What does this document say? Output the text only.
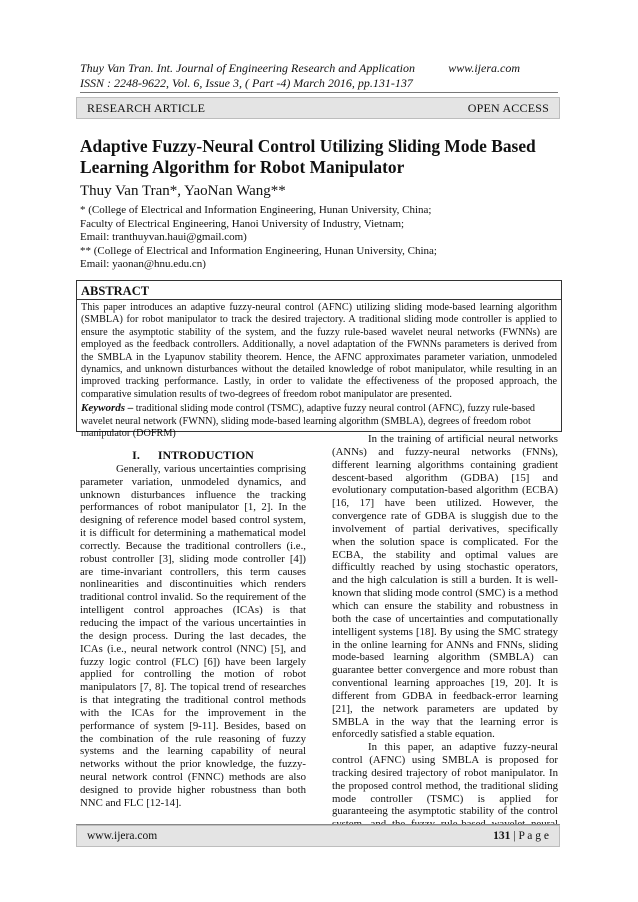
Thuy Van Tran. Int. Journal of Engineering Research and Application	www.ijera.com
ISSN : 2248-9622, Vol. 6, Issue 3, ( Part -4) March 2016, pp.131-137
RESEARCH ARTICLE	OPEN ACCESS
Adaptive Fuzzy-Neural Control Utilizing Sliding Mode Based Learning Algorithm for Robot Manipulator
Thuy Van Tran*, YaoNan Wang**
* (College of Electrical and Information Engineering, Hunan University, China;
Faculty of Electrical Engineering, Hanoi University of Industry, Vietnam;
Email: tranthuyvan.haui@gmail.com)
** (College of Electrical and Information Engineering, Hunan University, China;
Email: yaonan@hnu.edu.cn)
ABSTRACT
This paper introduces an adaptive fuzzy-neural control (AFNC) utilizing sliding mode-based learning algorithm (SMBLA) for robot manipulator to track the desired trajectory. A traditional sliding mode controller is applied to ensure the asymptotic stability of the system, and the fuzzy rule-based wavelet neural networks (FWNNs) are employed as the feedback controllers. Additionally, a novel adaptation of the FWNNs parameters is derived from the SMBLA in the Lyapunov stability theorem. Hence, the AFNC approximates parameter variation, unmodeled dynamics, and unknown disturbances without the detailed knowledge of robot manipulator, while resulting in an improved tracking performance. Lastly, in order to validate the effectiveness of the proposed approach, the comparative simulation results of two-degrees of freedom robot manipulator are presented.
Keywords – traditional sliding mode control (TSMC), adaptive fuzzy neural control (AFNC), fuzzy rule-based wavelet neural network (FWNN), sliding mode-based learning algorithm (SMBLA), degrees of freedom robot manipulator (DOFRM)
I.      INTRODUCTION

Generally, various uncertainties comprising parameter variation, unmodeled dynamics, and unknown disturbances influence the tracking performances of robot manipulator [1, 2]. In the designing of reference model based control system, it is difficult for determining a mathematical model correctly. Because the traditional controllers (i.e., robust controller [3], sliding mode controller [4]) are time-invariant controllers, this term causes nonlinearities and discontinuities which renders traditional control invalid. So the requirement of the intelligent control approaches (ICAs) is that reducing the impact of the various uncertainties in the design process. During the last decades, the ICAs (i.e., neural network control (NNC) [5], and fuzzy logic control (FLC) [6]) have been largely applied for controlling the motion of robot manipulators [7, 8]. The topical trend of researches is that integrating the traditional control methods with the ICAs for the improvement in the performance of system [9-11]. Besides, based on the combination of the rule reasoning of fuzzy systems and the learning capability of neural networks without the prior knowledge, the fuzzy-neural network control (FNNC) methods are also designed to provide higher robustness than both NNC and FLC [12-14].

In the training of artificial neural networks (ANNs) and fuzzy-neural networks (FNNs), different learning algorithms containing gradient descent-based algorithm (GDBA) [15] and evolutionary computation-based algorithm (ECBA) [16, 17] have been utilized. However, the convergence rate of GDBA is sluggish due to the involvement of partial derivatives, specifically when the solution space is complicated. For the ECBA, the stability and optimal values are difficultly reached by using stochastic operators, and the high calculation is still a burden. It is well-known that sliding mode control (SMC) is a method which can ensure the stability and robustness in both the case of uncertainties and computationally intelligent systems [18]. By using the SMC strategy in the online learning for ANNs and FNNs, sliding mode-based learning algorithm (SMBLA) can guarantee better convergence and more robust than conventional learning approaches [19, 20]. It is different from GDBA in feedback-error learning [21], the network parameters are updated by SMBLA in the way that the learning error is enforcedly satisfied a stable equation.

In this paper, an adaptive fuzzy-neural control (AFNC) using SMBLA is proposed for tracking desired trajectory of robot manipulator. In the proposed control method, the traditional sliding mode controller (TSMC) is applied for guaranteeing the asymptotic stability of the control

www.ijera.com	131 | P a g e
